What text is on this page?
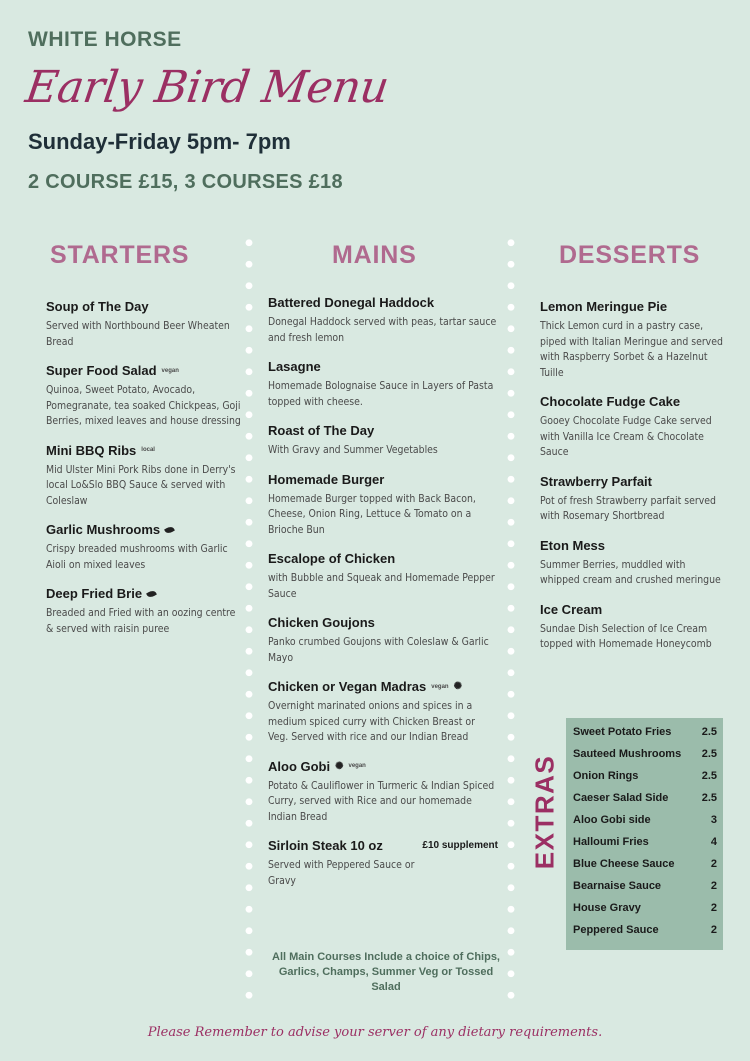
WHITE HORSE
Early Bird Menu
Sunday-Friday 5pm- 7pm
2 COURSE £15, 3 COURSES £18
STARTERS	MAINS	DESSERTS
Soup of The Day
Served with Northbound Beer Wheaten Bread
Super Food Salad vegan
Quinoa, Sweet Potato, Avocado, Pomegranate, tea soaked Chickpeas, Goji Berries, mixed leaves and house dressing
Mini BBQ Ribs local
Mid Ulster Mini Pork Ribs done in Derry's local Lo&Slo BBQ Sauce & served with Coleslaw
Garlic Mushrooms
Crispy breaded mushrooms with Garlic Aioli on mixed leaves
Deep Fried Brie
Breaded and Fried with an oozing centre & served with raisin puree
Battered Donegal Haddock
Donegal Haddock served with peas, tartar sauce and fresh lemon
Lasagne
Homemade Bolognaise Sauce in Layers of Pasta topped with cheese.
Roast of The Day
With Gravy and Summer Vegetables
Homemade Burger
Homemade Burger topped with Back Bacon, Cheese, Onion Ring, Lettuce & Tomato on a Brioche Bun
Escalope of Chicken
with Bubble and Squeak and Homemade Pepper Sauce
Chicken Goujons
Panko crumbed Goujons with Coleslaw & Garlic Mayo
Chicken or Vegan Madras vegan ✺
Overnight marinated onions and spices in a medium spiced curry with Chicken Breast or Veg. Served with rice and our Indian Bread
Aloo Gobi ✺ vegan
Potato & Cauliflower in Turmeric & Indian Spiced Curry, served with Rice and our homemade Indian Bread
Sirloin Steak 10 oz	£10 supplement
Served with Peppered Sauce or Gravy
All Main Courses Include a choice of Chips, Garlics, Champs, Summer Veg or Tossed Salad
Lemon Meringue Pie
Thick Lemon curd in a pastry case, piped with Italian Meringue and served with Raspberry Sorbet & a Hazelnut Tuille
Chocolate Fudge Cake
Gooey Chocolate Fudge Cake served with Vanilla Ice Cream & Chocolate Sauce
Strawberry Parfait
Pot of fresh Strawberry parfait served with Rosemary Shortbread
Eton Mess
Summer Berries, muddled with whipped cream and crushed meringue
Ice Cream
Sundae Dish Selection of Ice Cream topped with Homemade Honeycomb
EXTRAS
Sweet Potato Fries	2.5
Sauteed Mushrooms 2.5
Onion Rings	2.5
Caeser Salad Side	2.5
Aloo Gobi side	3
Halloumi Fries	4
Blue Cheese Sauce	2
Bearnaise Sauce	2
House Gravy	2
Peppered Sauce	2
Please Remember to advise your server of any dietary requirements.
